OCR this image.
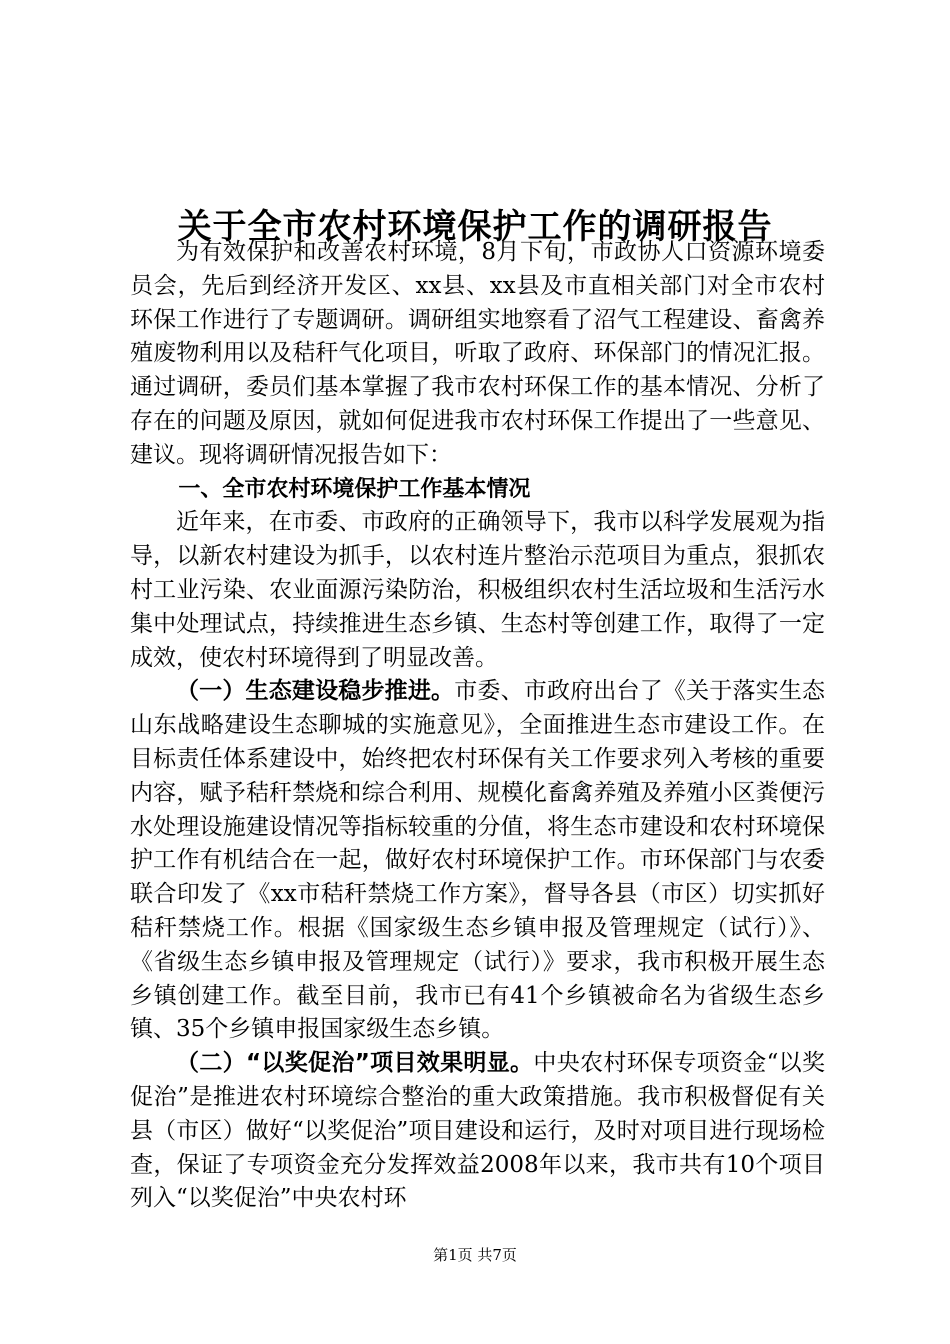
关于全市农村环境保护工作的调研报告

为有效保护和改善农村环境，8月下旬，市政协人口资源环境委员会，先后到经济开发区、xx县、xx县及市直相关部门对全市农村环保工作进行了专题调研。调研组实地察看了沼气工程建设、畜禽养殖废物利用以及秸秆气化项目，听取了政府、环保部门的情况汇报。通过调研，委员们基本掌握了我市农村环保工作的基本情况、分析了存在的问题及原因，就如何促进我市农村环保工作提出了一些意见、建议。现将调研情况报告如下：

一、全市农村环境保护工作基本情况

近年来，在市委、市政府的正确领导下，我市以科学发展观为指导，以新农村建设为抓手，以农村连片整治示范项目为重点，狠抓农村工业污染、农业面源污染防治，积极组织农村生活垃圾和生活污水集中处理试点，持续推进生态乡镇、生态村等创建工作，取得了一定成效，使农村环境得到了明显改善。

（一）生态建设稳步推进。市委、市政府出台了《关于落实生态山东战略建设生态聊城的实施意见》，全面推进生态市建设工作。在目标责任体系建设中，始终把农村环保有关工作要求列入考核的重要内容，赋予秸秆禁烧和综合利用、规模化畜禽养殖及养殖小区粪便污水处理设施建设情况等指标较重的分值，将生态市建设和农村环境保护工作有机结合在一起，做好农村环境保护工作。市环保部门与农委联合印发了《xx市秸秆禁烧工作方案》，督导各县（市区）切实抓好秸秆禁烧工作。根据《国家级生态乡镇申报及管理规定（试行）》、《省级生态乡镇申报及管理规定（试行）》要求，我市积极开展生态乡镇创建工作。截至目前，我市已有41个乡镇被命名为省级生态乡镇、35个乡镇申报国家级生态乡镇。

（二）“以奖促治”项目效果明显。中央农村环保专项资金“以奖促治”是推进农村环境综合整治的重大政策措施。我市积极督促有关县（市区）做好“以奖促治”项目建设和运行，及时对项目进行现场检查，保证了专项资金充分发挥效益2008年以来，我市共有10个项目列入“以奖促治”中央农村环

第1页 共7页
